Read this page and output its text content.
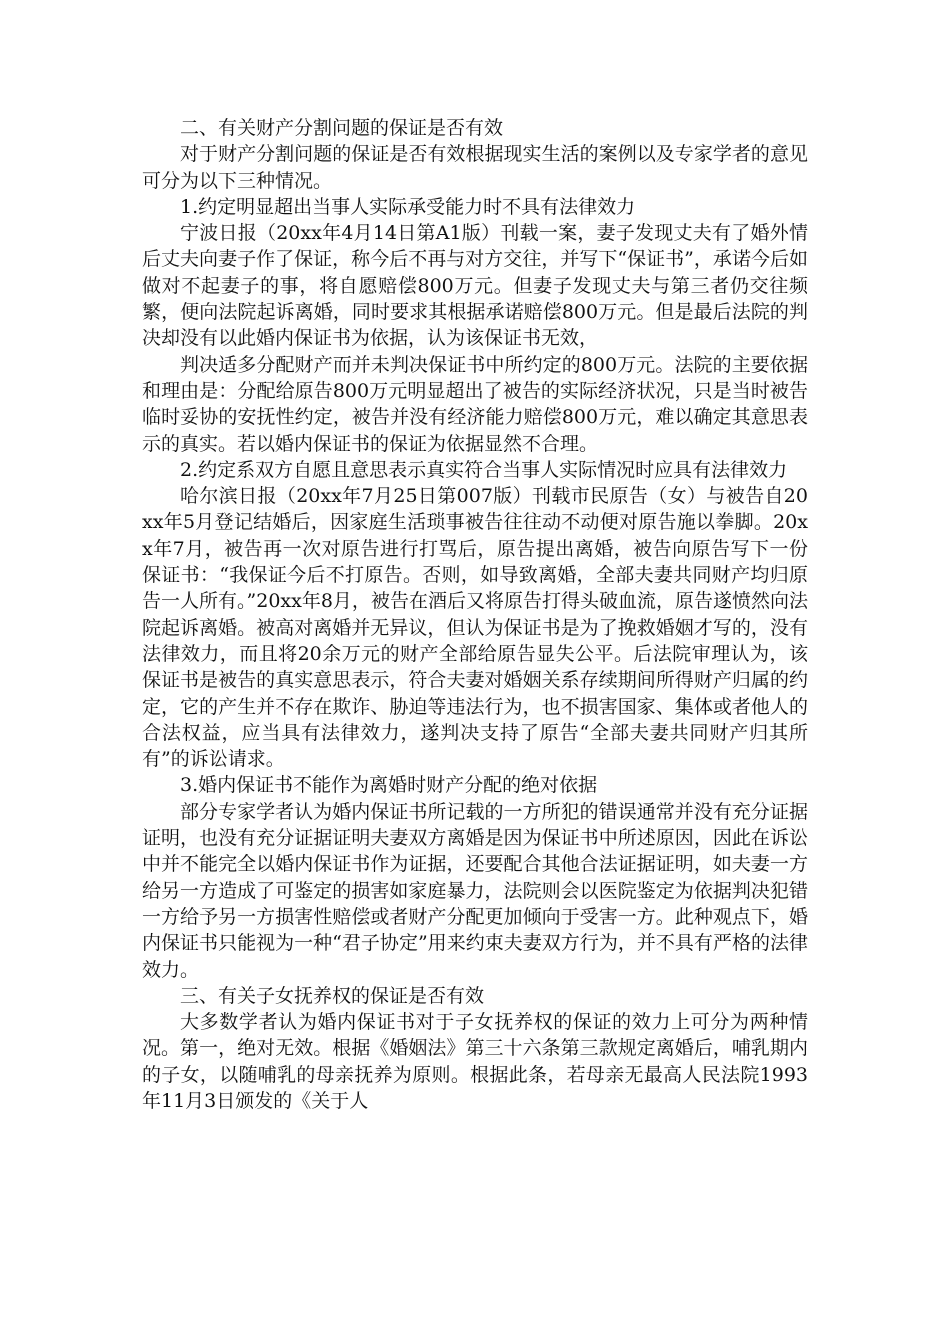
二、有关财产分割问题的保证是否有效

对于财产分割问题的保证是否有效根据现实生活的案例以及专家学者的意见可分为以下三种情况。

1.约定明显超出当事人实际承受能力时不具有法律效力

宁波日报（20xx年4月14日第A1版）刊载一案，妻子发现丈夫有了婚外情后丈夫向妻子作了保证，称今后不再与对方交往，并写下“保证书”，承诺今后如做对不起妻子的事，将自愿赔偿800万元。但妻子发现丈夫与第三者仍交往频繁，便向法院起诉离婚，同时要求其根据承诺赔偿800万元。但是最后法院的判决却没有以此婚内保证书为依据，认为该保证书无效，

判决适多分配财产而并未判决保证书中所约定的800万元。法院的主要依据和理由是：分配给原告800万元明显超出了被告的实际经济状况，只是当时被告临时妥协的安抚性约定，被告并没有经济能力赔偿800万元，难以确定其意思表示的真实。若以婚内保证书的保证为依据显然不合理。

2.约定系双方自愿且意思表示真实符合当事人实际情况时应具有法律效力

哈尔滨日报（20xx年7月25日第007版）刊载市民原告（女）与被告自20xx年5月登记结婚后，因家庭生活琐事被告往往动不动便对原告施以拳脚。20xx年7月，被告再一次对原告进行打骂后，原告提出离婚，被告向原告写下一份保证书：“我保证今后不打原告。否则，如导致离婚，全部夫妻共同财产均归原告一人所有。”20xx年8月，被告在酒后又将原告打得头破血流，原告遂愤然向法院起诉离婚。被高对离婚并无异议，但认为保证书是为了挽救婚姻才写的，没有法律效力，而且将20余万元的财产全部给原告显失公平。后法院审理认为，该保证书是被告的真实意思表示，符合夫妻对婚姻关系存续期间所得财产归属的约定，它的产生并不存在欺诈、胁迫等违法行为，也不损害国家、集体或者他人的合法权益，应当具有法律效力，遂判决支持了原告“全部夫妻共同财产归其所有”的诉讼请求。

3.婚内保证书不能作为离婚时财产分配的绝对依据

部分专家学者认为婚内保证书所记载的一方所犯的错误通常并没有充分证据证明，也没有充分证据证明夫妻双方离婚是因为保证书中所述原因，因此在诉讼中并不能完全以婚内保证书作为证据，还要配合其他合法证据证明，如夫妻一方给另一方造成了可鉴定的损害如家庭暴力，法院则会以医院鉴定为依据判决犯错一方给予另一方损害性赔偿或者财产分配更加倾向于受害一方。此种观点下，婚内保证书只能视为一种“君子协定”用来约束夫妻双方行为，并不具有严格的法律效力。

三、有关子女抚养权的保证是否有效

大多数学者认为婚内保证书对于子女抚养权的保证的效力上可分为两种情况。第一，绝对无效。根据《婚姻法》第三十六条第三款规定离婚后，哺乳期内的子女，以随哺乳的母亲抚养为原则。根据此条，若母亲无最高人民法院1993年11月3日颁发的《关于人
